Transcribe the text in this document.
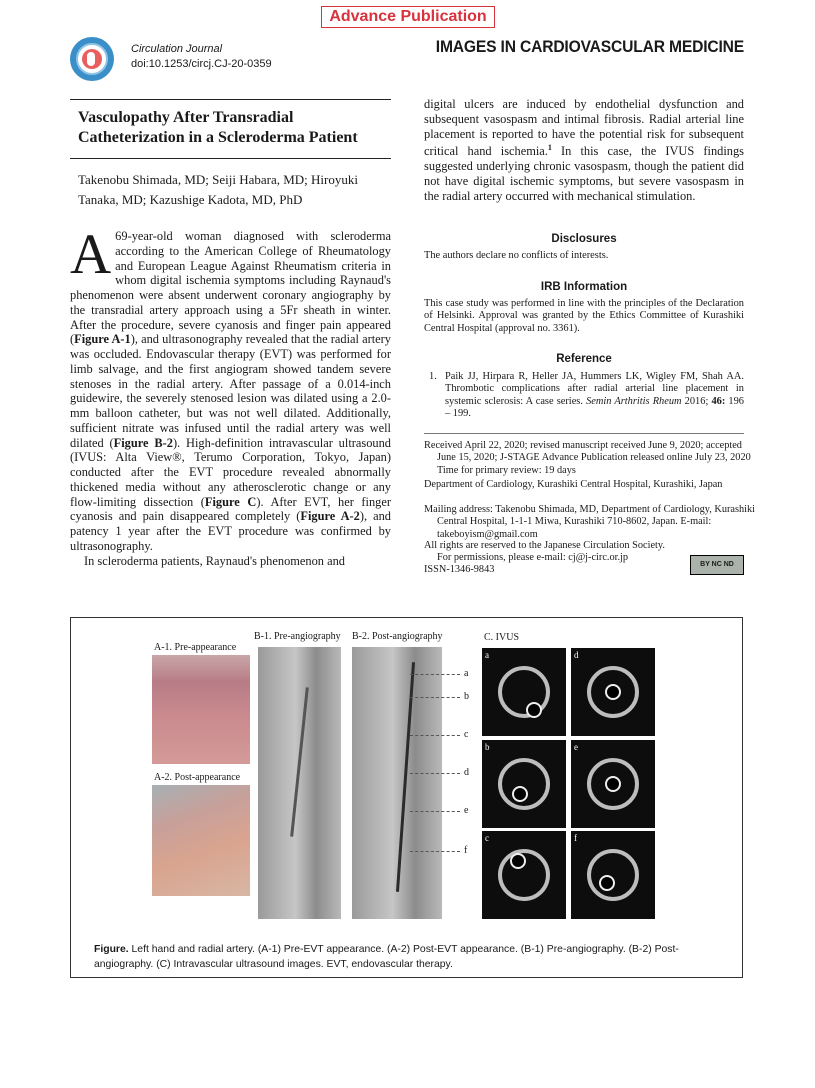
Advance Publication
Circulation Journal
doi:10.1253/circj.CJ-20-0359
IMAGES IN CARDIOVASCULAR MEDICINE
Vasculopathy After Transradial Catheterization in a Scleroderma Patient
Takenobu Shimada, MD; Seiji Habara, MD; Hiroyuki Tanaka, MD; Kazushige Kadota, MD, PhD

A 69-year-old woman diagnosed with scleroderma according to the American College of Rheumatology and European League Against Rheumatism criteria in whom digital ischemia symptoms including Raynaud's phenomenon were absent underwent coronary angiography by the transradial artery approach using a 5Fr sheath in winter. After the procedure, severe cyanosis and finger pain appeared (Figure A-1), and ultrasonography revealed that the radial artery was occluded. Endovascular therapy (EVT) was performed for limb salvage, and the first angiogram showed tandem severe stenoses in the radial artery. After passage of a 0.014-inch guidewire, the severely stenosed lesion was dilated using a 2.0-mm balloon catheter, but was not well dilated. Additionally, sufficient nitrate was infused until the radial artery was well dilated (Figure B-2). High-definition intravascular ultrasound (IVUS: Alta View®, Terumo Corporation, Tokyo, Japan) conducted after the EVT procedure revealed abnormally thickened media without any atherosclerotic change or any flow-limiting dissection (Figure C). After EVT, her finger cyanosis and pain disappeared completely (Figure A-2), and patency 1 year after the EVT procedure was confirmed by ultrasonography.

In scleroderma patients, Raynaud's phenomenon and

digital ulcers are induced by endothelial dysfunction and subsequent vasospasm and intimal fibrosis. Radial arterial line placement is reported to have the potential risk for subsequent critical hand ischemia.$^1$ In this case, the IVUS findings suggested underlying chronic vasospasm, though the patient did not have digital ischemic symptoms, but severe vasospasm in the radial artery occurred with mechanical stimulation.
Disclosures
The authors declare no conflicts of interests.
IRB Information
This case study was performed in line with the principles of the Declaration of Helsinki. Approval was granted by the Ethics Committee of Kurashiki Central Hospital (approval no. 3361).
Reference
1. Paik JJ, Hirpara R, Heller JA, Hummers LK, Wigley FM, Shah AA. Thrombotic complications after radial arterial line placement in systemic sclerosis: A case series. Semin Arthritis Rheum 2016; 46: 196 – 199.
Received April 22, 2020; revised manuscript received June 9, 2020; accepted June 15, 2020; J-STAGE Advance Publication released online July 23, 2020 Time for primary review: 19 days
Department of Cardiology, Kurashiki Central Hospital, Kurashiki, Japan
Mailing address: Takenobu Shimada, MD, Department of Cardiology, Kurashiki Central Hospital, 1-1-1 Miwa, Kurashiki 710-8602, Japan. E-mail: takeboyism@gmail.com
All rights are reserved to the Japanese Circulation Society.
For permissions, please e-mail: cj@j-circ.or.jp
ISSN-1346-9843	BY NC ND
A-1. Pre-appearance
A-2. Post-appearance
B-1. Pre-angiography B-2. Post-angiography
a
b
c
d
e
f
C. IVUS
a	d
b	e
c	f
Figure. Left hand and radial artery. (A-1) Pre-EVT appearance. (A-2) Post-EVT appearance. (B-1) Pre-angiography. (B-2) Post-angiography. (C) Intravascular ultrasound images. EVT, endovascular therapy.
